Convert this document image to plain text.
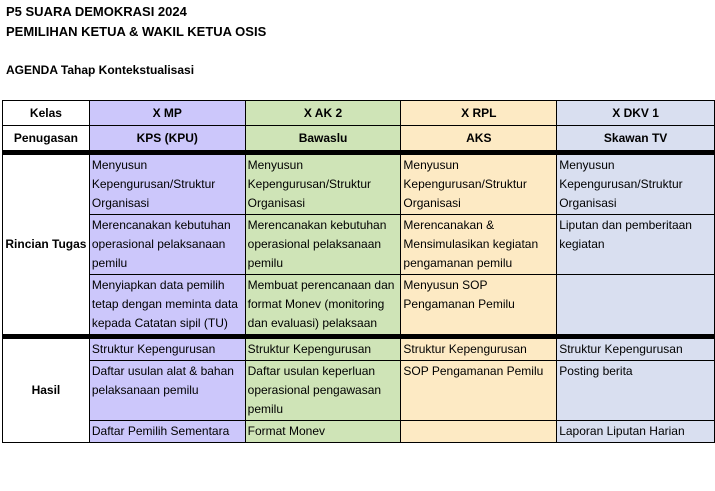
P5 SUARA DEMOKRASI 2024
PEMILIHAN KETUA & WAKIL KETUA OSIS
AGENDA Tahap Kontekstualisasi
Kelas	X MP	X AK 2	X RPL	X DKV 1
Penugasan	KPS (KPU)	Bawaslu	AKS	Skawan TV

Rincian Tugas	Menyusun Kepengurusan/Struktur Organisasi	Menyusun Kepengurusan/Struktur Organisasi	Menyusun Kepengurusan/Struktur Organisasi	Menyusun Kepengurusan/Struktur Organisasi
	Merencanakan kebutuhan operasional pelaksanaan pemilu	Merencanakan kebutuhan operasional pelaksanaan pemilu	Merencanakan & Mensimulasikan kegiatan pengamanan pemilu	Liputan dan pemberitaan kegiatan
	Menyiapkan data pemilih tetap dengan meminta data kepada Catatan sipil (TU)	Membuat perencanaan dan format Monev (monitoring dan evaluasi) pelaksaan	Menyusun SOP Pengamanan Pemilu	

Hasil	Struktur Kepengurusan	Struktur Kepengurusan	Struktur Kepengurusan	Struktur Kepengurusan
	Daftar usulan alat & bahan pelaksanaan pemilu	Daftar usulan keperluan operasional pengawasan pemilu	SOP Pengamanan Pemilu	Posting berita
	Daftar Pemilih Sementara	Format Monev		Laporan Liputan Harian
